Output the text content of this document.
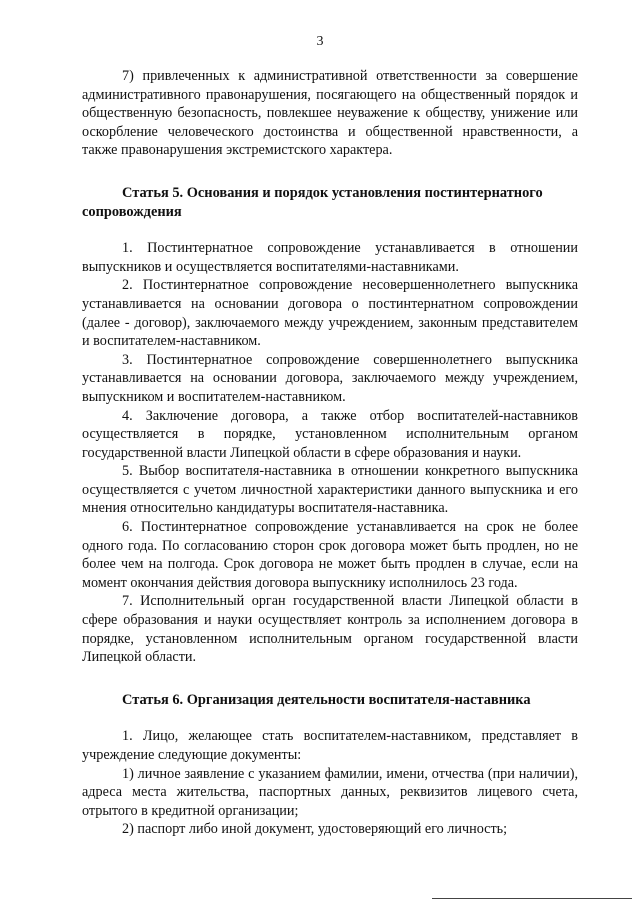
3

7) привлеченных к административной ответственности за совершение административного правонарушения, посягающего на общественный порядок и общественную безопасность, повлекшее неуважение к обществу, унижение или оскорбление человеческого достоинства и общественной нравственности, а также правонарушения экстремистского характера.

Статья 5. Основания и порядок установления постинтернатного сопровождения

1. Постинтернатное сопровождение устанавливается в отношении выпускников и осуществляется воспитателями-наставниками.

2. Постинтернатное сопровождение несовершеннолетнего выпускника устанавливается на основании договора о постинтернатном сопровождении (далее - договор), заключаемого между учреждением, законным представителем и воспитателем-наставником.

3. Постинтернатное сопровождение совершеннолетнего выпускника устанавливается на основании договора, заключаемого между учреждением, выпускником и воспитателем-наставником.

4. Заключение договора, а также отбор воспитателей-наставников осуществляется в порядке, установленном исполнительным органом государственной власти Липецкой области в сфере образования и науки.

5. Выбор воспитателя-наставника в отношении конкретного выпускника осуществляется с учетом личностной характеристики данного выпускника и его мнения относительно кандидатуры воспитателя-наставника.

6. Постинтернатное сопровождение устанавливается на срок не более одного года. По согласованию сторон срок договора может быть продлен, но не более чем на полгода. Срок договора не может быть продлен в случае, если на момент окончания действия договора выпускнику исполнилось 23 года.

7. Исполнительный орган государственной власти Липецкой области в сфере образования и науки осуществляет контроль за исполнением договора в порядке, установленном исполнительным органом государственной власти Липецкой области.

Статья 6. Организация деятельности воспитателя-наставника

1. Лицо, желающее стать воспитателем-наставником, представляет в учреждение следующие документы:

1) личное заявление с указанием фамилии, имени, отчества (при наличии), адреса места жительства, паспортных данных, реквизитов лицевого счета, отрытого в кредитной организации;

2) паспорт либо иной документ, удостоверяющий его личность;
